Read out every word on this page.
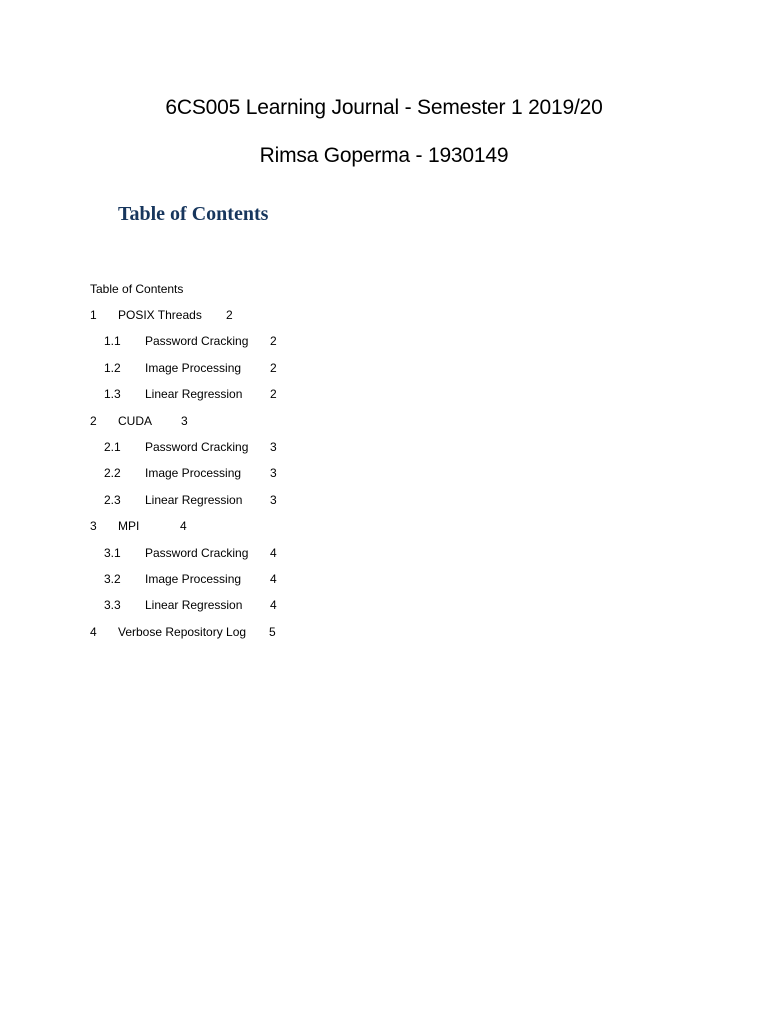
6CS005 Learning Journal - Semester 1 2019/20
Rimsa Goperma - 1930149
Table of Contents
Table of Contents
1 POSIX Threads 2
1.1 Password Cracking 2
1.2 Image Processing 2
1.3 Linear Regression 2
2 CUDA 3
2.1 Password Cracking 3
2.2 Image Processing 3
2.3 Linear Regression 3
3 MPI	4
3.1 Password Cracking 4
3.2 Image Processing 4
3.3 Linear Regression 4
4 Verbose Repository Log 5
